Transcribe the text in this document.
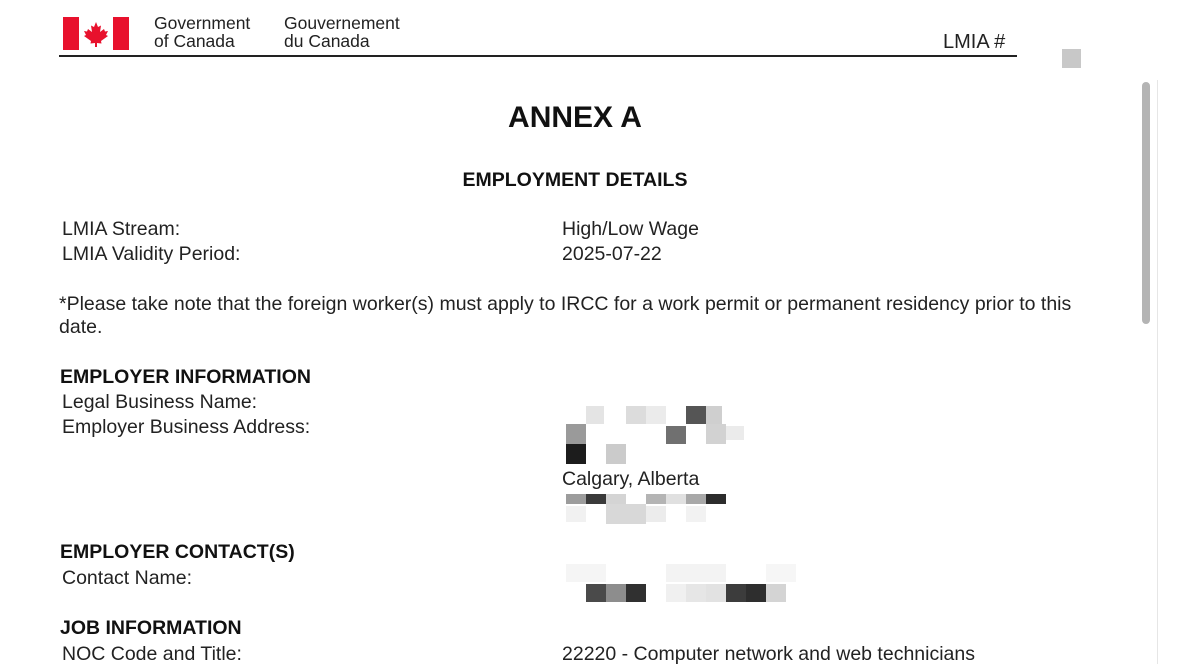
Government
of Canada
Gouvernement
du Canada	LMIA #
ANNEX A
EMPLOYMENT DETAILS
LMIA Stream:	High/Low Wage
LMIA Validity Period:	2025-07-22
*Please take note that the foreign worker(s) must apply to IRCC for a work permit or permanent residency prior to this date.
EMPLOYER INFORMATION
Legal Business Name:
Employer Business Address:
Calgary, Alberta
EMPLOYER CONTACT(S)
Contact Name:
JOB INFORMATION
NOC Code and Title:	22220 - Computer network and web technicians
